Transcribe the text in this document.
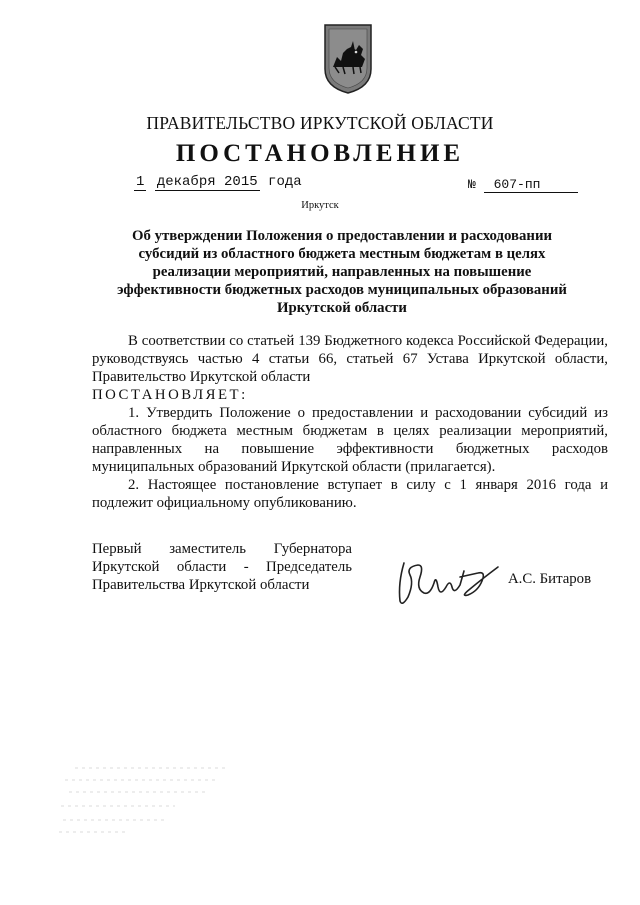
ПРАВИТЕЛЬСТВО ИРКУТСКОЙ ОБЛАСТИ
ПОСТАНОВЛЕНИЕ
1 декабря 2015 года	№ 607-пп
Иркутск
Об утверждении Положения о предоставлении и расходовании
субсидий из областного бюджета местным бюджетам в целях
реализации мероприятий, направленных на повышение
эффективности бюджетных расходов муниципальных образований
Иркутской области

В соответствии со статьей 139 Бюджетного кодекса Российской Федерации, руководствуясь частью 4 статьи 66, статьей 67 Устава Иркутской области, Правительство Иркутской области

ПОСТАНОВЛЯЕТ:

1. Утвердить Положение о предоставлении и расходовании субсидий из областного бюджета местным бюджетам в целях реализации мероприятий, направленных на повышение эффективности бюджетных расходов муниципальных образований Иркутской области (прилагается).

2. Настоящее постановление вступает в силу с 1 января 2016 года и подлежит официальному опубликованию.

Первый заместитель Губернатора
Иркутской области - Председатель
Правительства Иркутской области	А.С. Битаров
